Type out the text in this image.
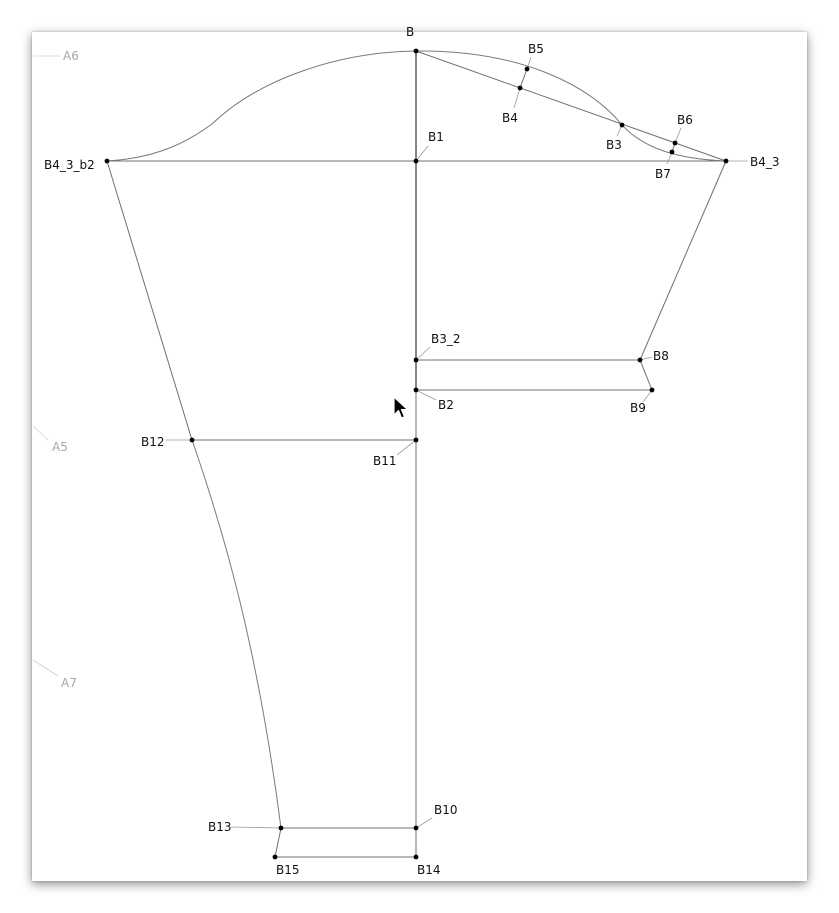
A6
A5
A7
B
B1
B4_3_b2	B4_3
B5
B4
B3
B6
B7
B3_2
B8
B2	B9
B12
B11
B13
B10
B15	B14
